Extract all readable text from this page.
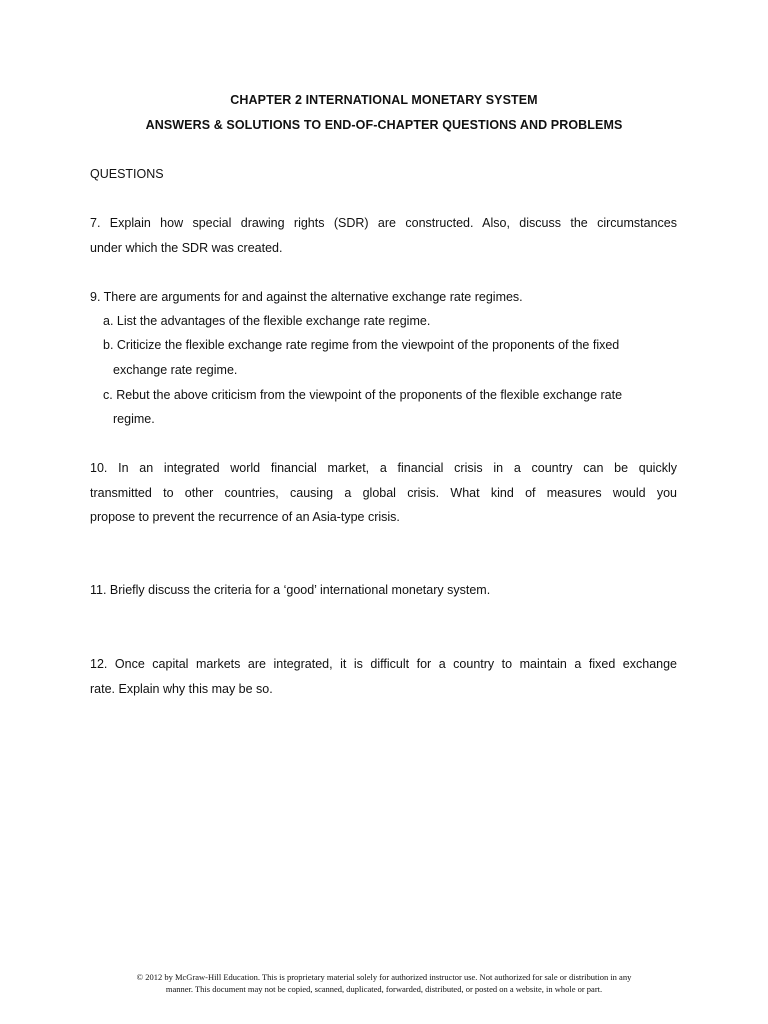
CHAPTER 2 INTERNATIONAL MONETARY SYSTEM
ANSWERS & SOLUTIONS TO END-OF-CHAPTER QUESTIONS AND PROBLEMS
QUESTIONS
7. Explain how special drawing rights (SDR) are constructed. Also, discuss the circumstances
under which the SDR was created.
9. There are arguments for and against the alternative exchange rate regimes.
a. List the advantages of the flexible exchange rate regime.
b. Criticize the flexible exchange rate regime from the viewpoint of the proponents of the fixed
exchange rate regime.
c. Rebut the above criticism from the viewpoint of the proponents of the flexible exchange rate
regime.
10. In an integrated world financial market, a financial crisis in a country can be quickly
transmitted to other countries, causing a global crisis. What kind of measures would you
propose to prevent the recurrence of an Asia-type crisis.
11. Briefly discuss the criteria for a ‘good’ international monetary system.
12. Once capital markets are integrated, it is difficult for a country to maintain a fixed exchange
rate. Explain why this may be so.
© 2012 by McGraw-Hill Education. This is proprietary material solely for authorized instructor use. Not authorized for sale or distribution in any
manner. This document may not be copied, scanned, duplicated, forwarded, distributed, or posted on a website, in whole or part.
